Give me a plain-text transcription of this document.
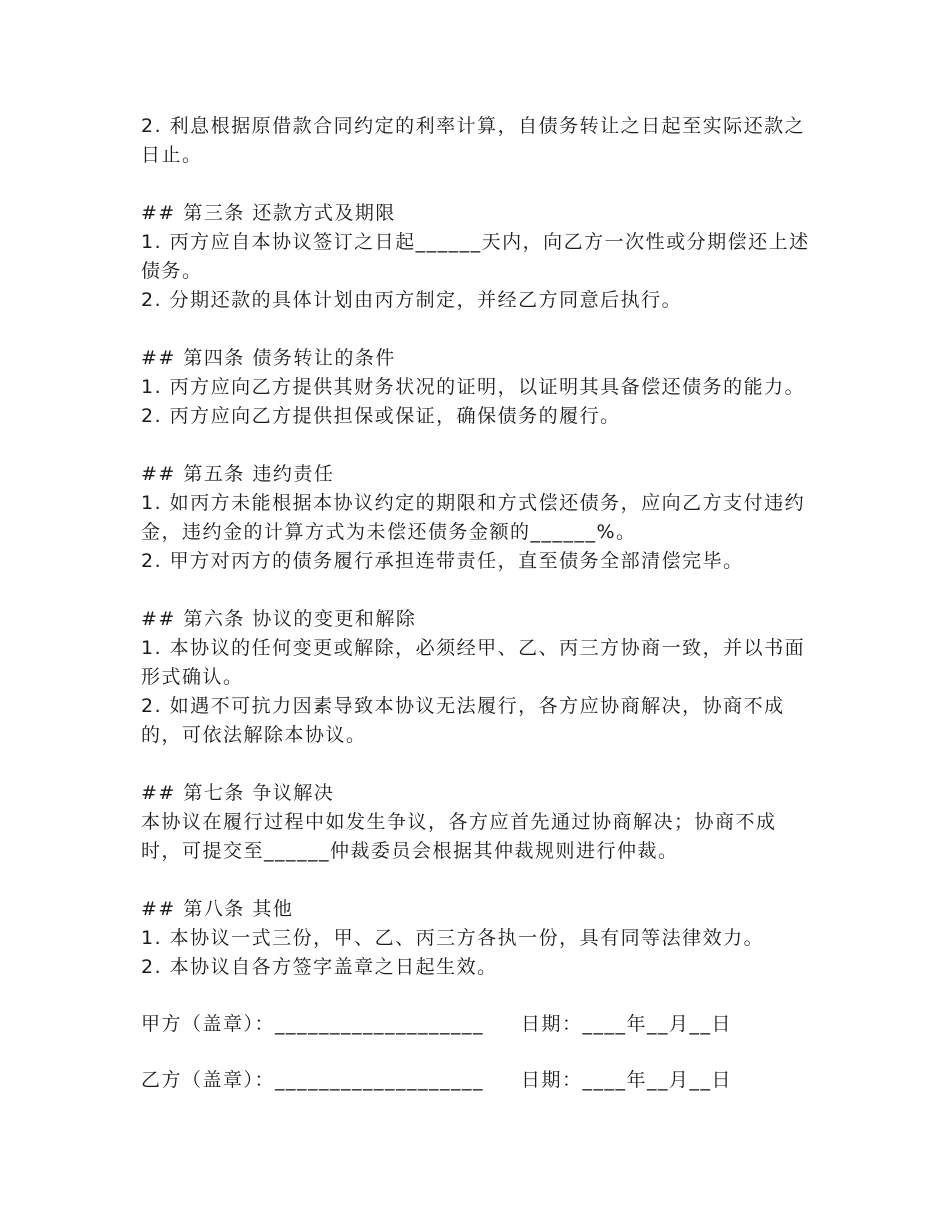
2. 利息根据原借款合同约定的利率计算，自债务转让之日起至实际还款之日止。

## 第三条 还款方式及期限

1. 丙方应自本协议签订之日起______天内，向乙方一次性或分期偿还上述债务。

2. 分期还款的具体计划由丙方制定，并经乙方同意后执行。

## 第四条 债务转让的条件

1. 丙方应向乙方提供其财务状况的证明，以证明其具备偿还债务的能力。

2. 丙方应向乙方提供担保或保证，确保债务的履行。

## 第五条 违约责任

1. 如丙方未能根据本协议约定的期限和方式偿还债务，应向乙方支付违约金，违约金的计算方式为未偿还债务金额的______%。

2. 甲方对丙方的债务履行承担连带责任，直至债务全部清偿完毕。

## 第六条 协议的变更和解除

1. 本协议的任何变更或解除，必须经甲、乙、丙三方协商一致，并以书面形式确认。

2. 如遇不可抗力因素导致本协议无法履行，各方应协商解决，协商不成的，可依法解除本协议。

## 第七条 争议解决

本协议在履行过程中如发生争议，各方应首先通过协商解决；协商不成时，可提交至______仲裁委员会根据其仲裁规则进行仲裁。

## 第八条 其他

1. 本协议一式三份，甲、乙、丙三方各执一份，具有同等法律效力。

2. 本协议自各方签字盖章之日起生效。

甲方（盖章）：___________________	日期：____年__月__日
乙方（盖章）：___________________	日期：____年__月__日
